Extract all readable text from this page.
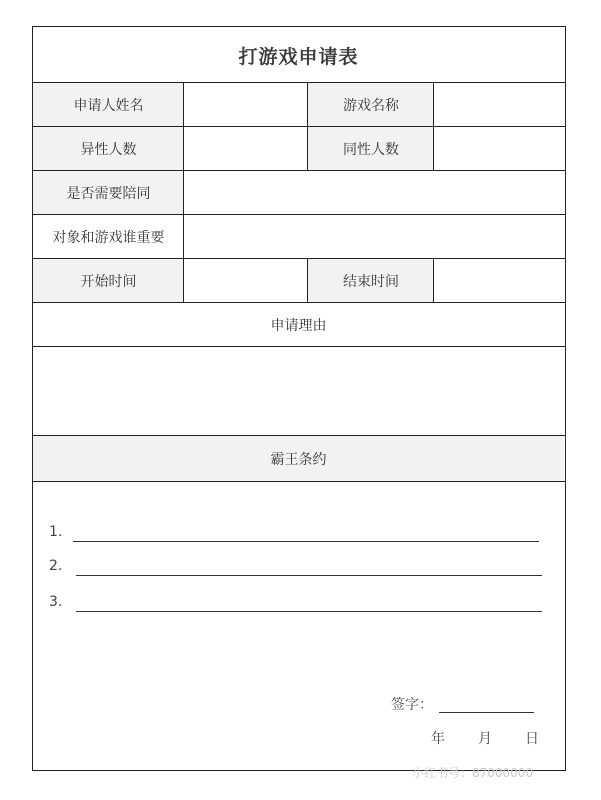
打游戏申请表
申请人姓名	游戏名称
异性人数	同性人数
是否需要陪同
对象和游戏谁重要
开始时间	结束时间
申请理由
霸王条约
1.
2.
3.
签字：
年 月 日
小红书号：87000000
